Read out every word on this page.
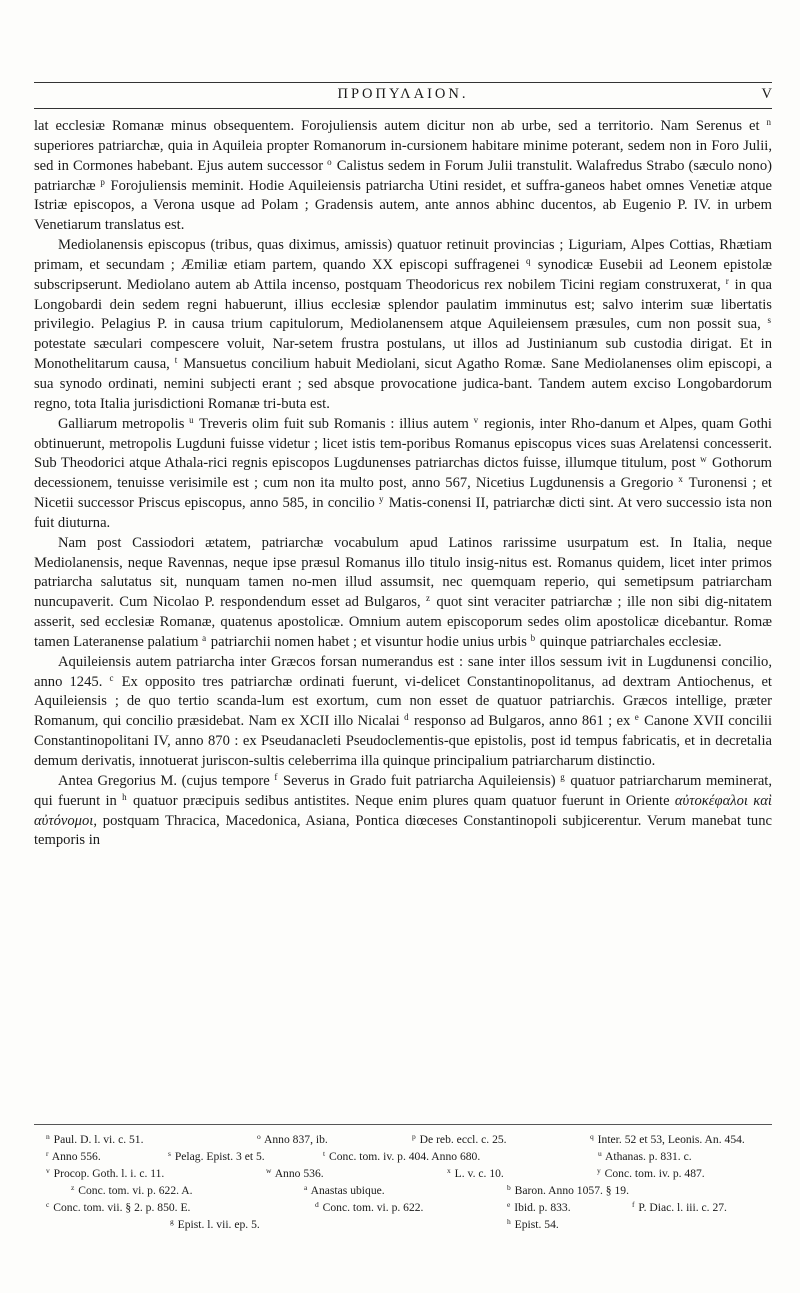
ΠΡΟΠΥΛΑΙΟΝ.	V

lat ecclesiæ Romanæ minus obsequentem. Forojuliensis autem dicitur non ab urbe, sed a territorio. Nam Serenus et $^n$ superiores patriarchæ, quia in Aquileia propter Romanorum in-cursionem habitare minime poterant, sedem non in Foro Julii, sed in Cormones habebant. Ejus autem successor $^o$ Calistus sedem in Forum Julii transtulit. Walafredus Strabo (sæculo nono) patriarchæ $^p$ Forojuliensis meminit. Hodie Aquileiensis patriarcha Utini residet, et suffra-ganeos habet omnes Venetiæ atque Istriæ episcopos, a Verona usque ad Polam ; Gradensis autem, ante annos abhinc ducentos, ab Eugenio P. IV. in urbem Venetiarum translatus est.

Mediolanensis episcopus (tribus, quas diximus, amissis) quatuor retinuit provincias ; Liguriam, Alpes Cottias, Rhætiam primam, et secundam ; Æmiliæ etiam partem, quando XX episcopi suffragenei $^q$ synodicæ Eusebii ad Leonem epistolæ subscripserunt. Mediolano autem ab Attila incenso, postquam Theodoricus rex nobilem Ticini regiam construxerat, $^r$ in qua Longobardi dein sedem regni habuerunt, illius ecclesiæ splendor paulatim imminutus est; salvo interim suæ libertatis privilegio. Pelagius P. in causa trium capitulorum, Mediolanensem atque Aquileiensem præsules, cum non possit sua, $^s$ potestate sæculari compescere voluit, Nar-setem frustra postulans, ut illos ad Justinianum sub custodia dirigat. Et in Monothelitarum causa, $^t$ Mansuetus concilium habuit Mediolani, sicut Agatho Romæ. Sane Mediolanenses olim episcopi, a sua synodo ordinati, nemini subjecti erant ; sed absque provocatione judica-bant. Tandem autem exciso Longobardorum regno, tota Italia jurisdictioni Romanæ tri-buta est.

Galliarum metropolis $^u$ Treveris olim fuit sub Romanis : illius autem $^v$ regionis, inter Rho-danum et Alpes, quam Gothi obtinuerunt, metropolis Lugduni fuisse videtur ; licet istis tem-poribus Romanus episcopus vices suas Arelatensi concesserit. Sub Theodorici atque Athala-rici regnis episcopos Lugdunenses patriarchas dictos fuisse, illumque titulum, post $^w$ Gothorum decessionem, tenuisse verisimile est ; cum non ita multo post, anno 567, Nicetius Lugdunensis a Gregorio $^x$ Turonensi ; et Nicetii successor Priscus episcopus, anno 585, in concilio $^y$ Matis-conensi II, patriarchæ dicti sint. At vero successio ista non fuit diuturna.

Nam post Cassiodori ætatem, patriarchæ vocabulum apud Latinos rarissime usurpatum est. In Italia, neque Mediolanensis, neque Ravennas, neque ipse præsul Romanus illo titulo insig-nitus est. Romanus quidem, licet inter primos patriarcha salutatus sit, nunquam tamen no-men illud assumsit, nec quemquam reperio, qui semetipsum patriarcham nuncupaverit. Cum Nicolao P. respondendum esset ad Bulgaros, $^z$ quot sint veraciter patriarchæ ; ille non sibi dig-nitatem asserit, sed ecclesiæ Romanæ, quatenus apostolicæ. Omnium autem episcoporum sedes olim apostolicæ dicebantur. Romæ tamen Lateranense palatium $^a$ patriarchii nomen habet ; et visuntur hodie unius urbis $^b$ quinque patriarchales ecclesiæ.

Aquileiensis autem patriarcha inter Græcos forsan numerandus est : sane inter illos sessum ivit in Lugdunensi concilio, anno 1245. $^c$ Ex opposito tres patriarchæ ordinati fuerunt, vi-delicet Constantinopolitanus, ad dextram Antiochenus, et Aquileiensis ; de quo tertio scanda-lum est exortum, cum non esset de quatuor patriarchis. Græcos intellige, præter Romanum, qui concilio præsidebat. Nam ex XCII illo Nicalai $^d$ responso ad Bulgaros, anno 861 ; ex $^e$ Canone XVII concilii Constantinopolitani IV, anno 870 : ex Pseudanacleti Pseudoclementis-que epistolis, post id tempus fabricatis, et in decretalia demum derivatis, innotuerat juriscon-sultis celeberrima illa quinque principalium patriarcharum distinctio.

Antea Gregorius M. (cujus tempore $^f$ Severus in Grado fuit patriarcha Aquileiensis) $^g$ quatuor patriarcharum meminerat, qui fuerunt in $^h$ quatuor præcipuis sedibus antistites. Neque enim plures quam quatuor fuerunt in Oriente αὐτοκέφαλοι καὶ αὐτόνομοι, postquam Thracica, Macedonica, Asiana, Pontica diœceses Constantinopoli subjicerentur. Verum manebat tunc temporis in

$^n$ Paul. D. l. vi. c. 51.	$^o$ Anno 837, ib.	$^p$ De reb. eccl. c. 25.	$^q$ Inter. 52 et 53, Leonis. An. 454.
$^r$ Anno 556.	$^s$ Pelag. Epist. 3 et 5.	$^t$ Conc. tom. iv. p. 404. Anno 680.	$^u$ Athanas. p. 831. c.
$^v$ Procop. Goth. l. i. c. 11.	$^w$ Anno 536.	$^x$ L. v. c. 10.	$^y$ Conc. tom. iv. p. 487.
$^z$ Conc. tom. vi. p. 622. A.	$^a$ Anastas ubique.	$^b$ Baron. Anno 1057. § 19.
$^c$ Conc. tom. vii. § 2. p. 850. E.	$^d$ Conc. tom. vi. p. 622.	$^e$ Ibid. p. 833.	$^f$ P. Diac. l. iii. c. 27.
$^g$ Epist. l. vii. ep. 5.	$^h$ Epist. 54.
